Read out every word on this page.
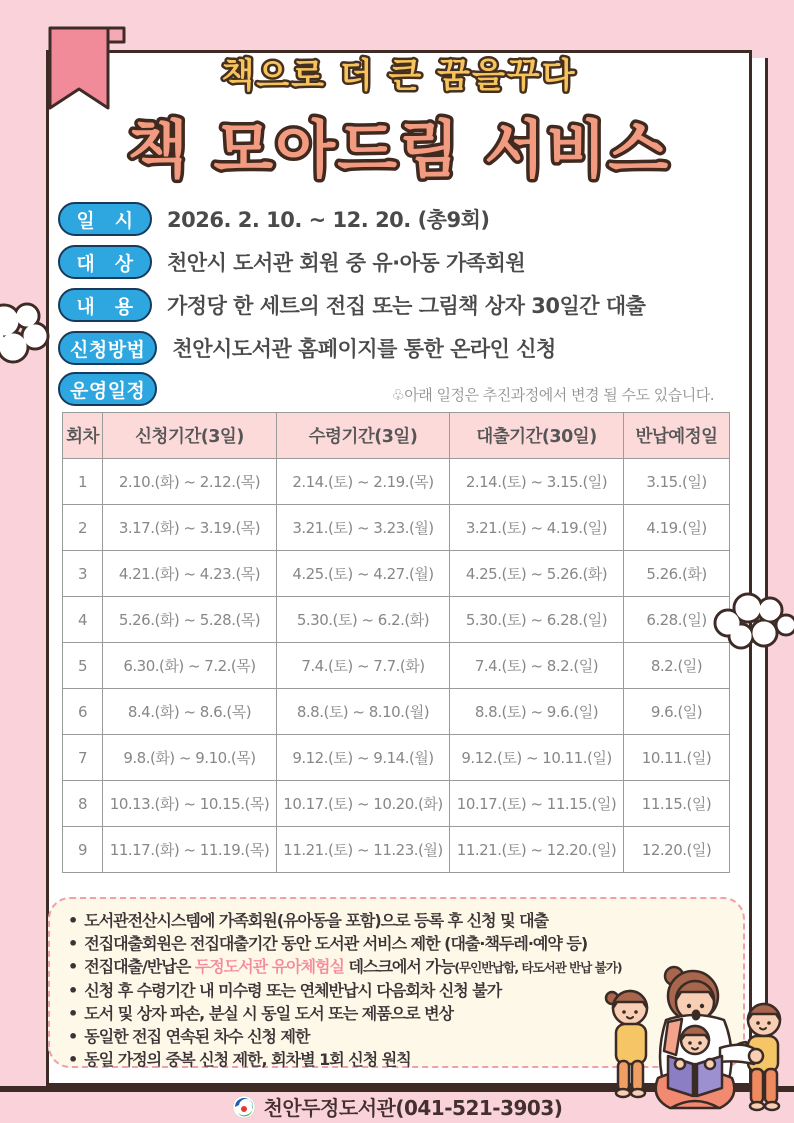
책으로 더 큰 꿈을꾸다
책 모아드림 서비스
일　시	2026. 2. 10. ~ 12. 20. (총9회)
대　상	천안시 도서관 회원 중 유·아동 가족회원
내　용	가정당 한 세트의 전집 또는 그림책 상자 30일간 대출
신청방법	천안시도서관 홈페이지를 통한 온라인 신청
운영일정	♧아래 일정은 추진과정에서 변경 될 수도 있습니다.
회차	신청기간(3일)	수령기간(3일)	대출기간(30일)	반납예정일
1	2.10.(화) ~ 2.12.(목)	2.14.(토) ~ 2.19.(목)	2.14.(토) ~ 3.15.(일)	3.15.(일)
2	3.17.(화) ~ 3.19.(목)	3.21.(토) ~ 3.23.(월)	3.21.(토) ~ 4.19.(일)	4.19.(일)
3	4.21.(화) ~ 4.23.(목)	4.25.(토) ~ 4.27.(월)	4.25.(토) ~ 5.26.(화)	5.26.(화)
4	5.26.(화) ~ 5.28.(목)	5.30.(토) ~ 6.2.(화)	5.30.(토) ~ 6.28.(일)	6.28.(일)
5	6.30.(화) ~ 7.2.(목)	7.4.(토) ~ 7.7.(화)	7.4.(토) ~ 8.2.(일)	8.2.(일)
6	8.4.(화) ~ 8.6.(목)	8.8.(토) ~ 8.10.(월)	8.8.(토) ~ 9.6.(일)	9.6.(일)
7	9.8.(화) ~ 9.10.(목)	9.12.(토) ~ 9.14.(월)	9.12.(토) ~ 10.11.(일)	10.11.(일)
8	10.13.(화) ~ 10.15.(목)	10.17.(토) ~ 10.20.(화)	10.17.(토) ~ 11.15.(일)	11.15.(일)
9	11.17.(화) ~ 11.19.(목)	11.21.(토) ~ 11.23.(월)	11.21.(토) ~ 12.20.(일)	12.20.(일)
• 도서관전산시스템에 가족회원(유아동을 포함)으로 등록 후 신청 및 대출
• 전집대출회원은 전집대출기간 동안 도서관 서비스 제한 (대출·책두레·예약 등)
• 전집대출/반납은 두정도서관 유아체험실 데스크에서 가능(무인반납함, 타도서관 반납 불가)
• 신청 후 수령기간 내 미수령 또는 연체반납시 다음회차 신청 불가
• 도서 및 상자 파손, 분실 시 동일 도서 또는 제품으로 변상
• 동일한 전집 연속된 차수 신청 제한
• 동일 가정의 중복 신청 제한, 회차별 1회 신청 원칙
천안두정도서관(041-521-3903)
